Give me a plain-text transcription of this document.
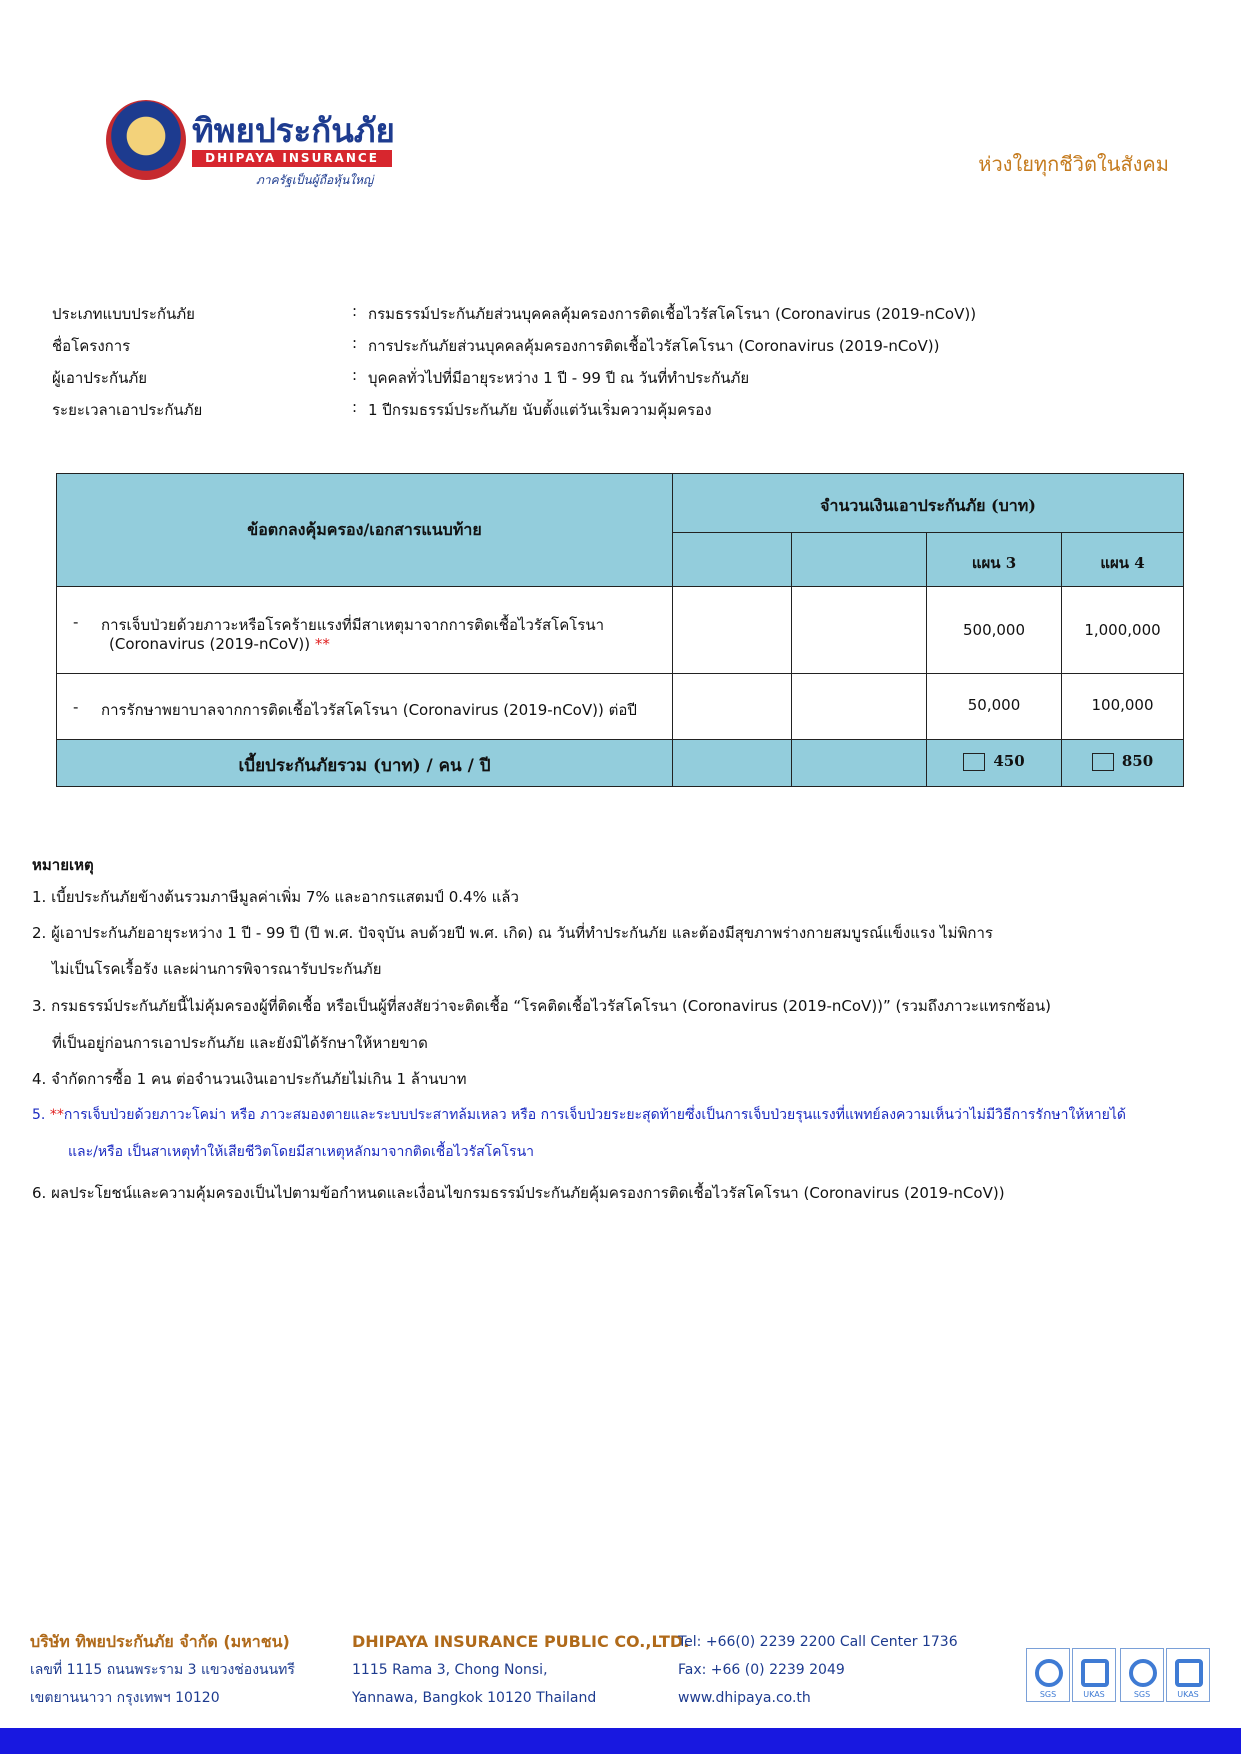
ทิพยประกันภัย
DHIPAYA INSURANCE
ภาครัฐเป็นผู้ถือหุ้นใหญ่
ห่วงใยทุกชีวิตในสังคม
ประเภทแบบประกันภัย	: กรมธรรม์ประกันภัยส่วนบุคคลคุ้มครองการติดเชื้อไวรัสโคโรนา (Coronavirus (2019-nCoV))
ชื่อโครงการ	: การประกันภัยส่วนบุคคลคุ้มครองการติดเชื้อไวรัสโคโรนา (Coronavirus (2019-nCoV))
ผู้เอาประกันภัย	: บุคคลทั่วไปที่มีอายุระหว่าง 1 ปี - 99 ปี ณ วันที่ทำประกันภัย
ระยะเวลาเอาประกันภัย	: 1 ปีกรมธรรม์ประกันภัย นับตั้งแต่วันเริ่มความคุ้มครอง
ข้อตกลงคุ้มครอง/เอกสารแนบท้าย
จำนวนเงินเอาประกันภัย (บาท)
แผน 3	แผน 4
- การเจ็บป่วยด้วยภาวะหรือโรคร้ายแรงที่มีสาเหตุมาจากการติดเชื้อไวรัสโคโรนา
(Coronavirus (2019-nCoV)) **
500,000	1,000,000
- การรักษาพยาบาลจากการติดเชื้อไวรัสโคโรนา (Coronavirus (2019-nCoV)) ต่อปี	50,000	100,000
เบี้ยประกันภัยรวม (บาท) / คน / ปี	450	850
หมายเหตุ
1. เบี้ยประกันภัยข้างต้นรวมภาษีมูลค่าเพิ่ม 7% และอากรแสตมป์ 0.4% แล้ว
2. ผู้เอาประกันภัยอายุระหว่าง 1 ปี - 99 ปี (ปี พ.ศ. ปัจจุบัน ลบด้วยปี พ.ศ. เกิด) ณ วันที่ทำประกันภัย และต้องมีสุขภาพร่างกายสมบูรณ์แข็งแรง ไม่พิการ
ไม่เป็นโรคเรื้อรัง และผ่านการพิจารณารับประกันภัย
3. กรมธรรม์ประกันภัยนี้ไม่คุ้มครองผู้ที่ติดเชื้อ หรือเป็นผู้ที่สงสัยว่าจะติดเชื้อ “โรคติดเชื้อไวรัสโคโรนา (Coronavirus (2019-nCoV))” (รวมถึงภาวะแทรกซ้อน)
ที่เป็นอยู่ก่อนการเอาประกันภัย และยังมิได้รักษาให้หายขาด
4. จำกัดการซื้อ 1 คน ต่อจำนวนเงินเอาประกันภัยไม่เกิน 1 ล้านบาท
5. **การเจ็บป่วยด้วยภาวะโคม่า หรือ ภาวะสมองตายและระบบประสาทล้มเหลว หรือ การเจ็บป่วยระยะสุดท้ายซึ่งเป็นการเจ็บป่วยรุนแรงที่แพทย์ลงความเห็นว่าไม่มีวิธีการรักษาให้หายได้
และ/หรือ เป็นสาเหตุทำให้เสียชีวิตโดยมีสาเหตุหลักมาจากติดเชื้อไวรัสโคโรนา
6. ผลประโยชน์และความคุ้มครองเป็นไปตามข้อกำหนดและเงื่อนไขกรมธรรม์ประกันภัยคุ้มครองการติดเชื้อไวรัสโคโรนา (Coronavirus (2019-nCoV))
บริษัท ทิพยประกันภัย จำกัด (มหาชน)
เลขที่ 1115 ถนนพระราม 3 แขวงช่องนนทรี
เขตยานนาวา กรุงเทพฯ 10120
DHIPAYA INSURANCE PUBLIC CO.,LTD.
1115 Rama 3, Chong Nonsi,
Yannawa, Bangkok 10120 Thailand
Tel: +66(0) 2239 2200 Call Center 1736
Fax: +66 (0) 2239 2049
www.dhipaya.co.th	SGS	UKAS	SGS	UKAS
